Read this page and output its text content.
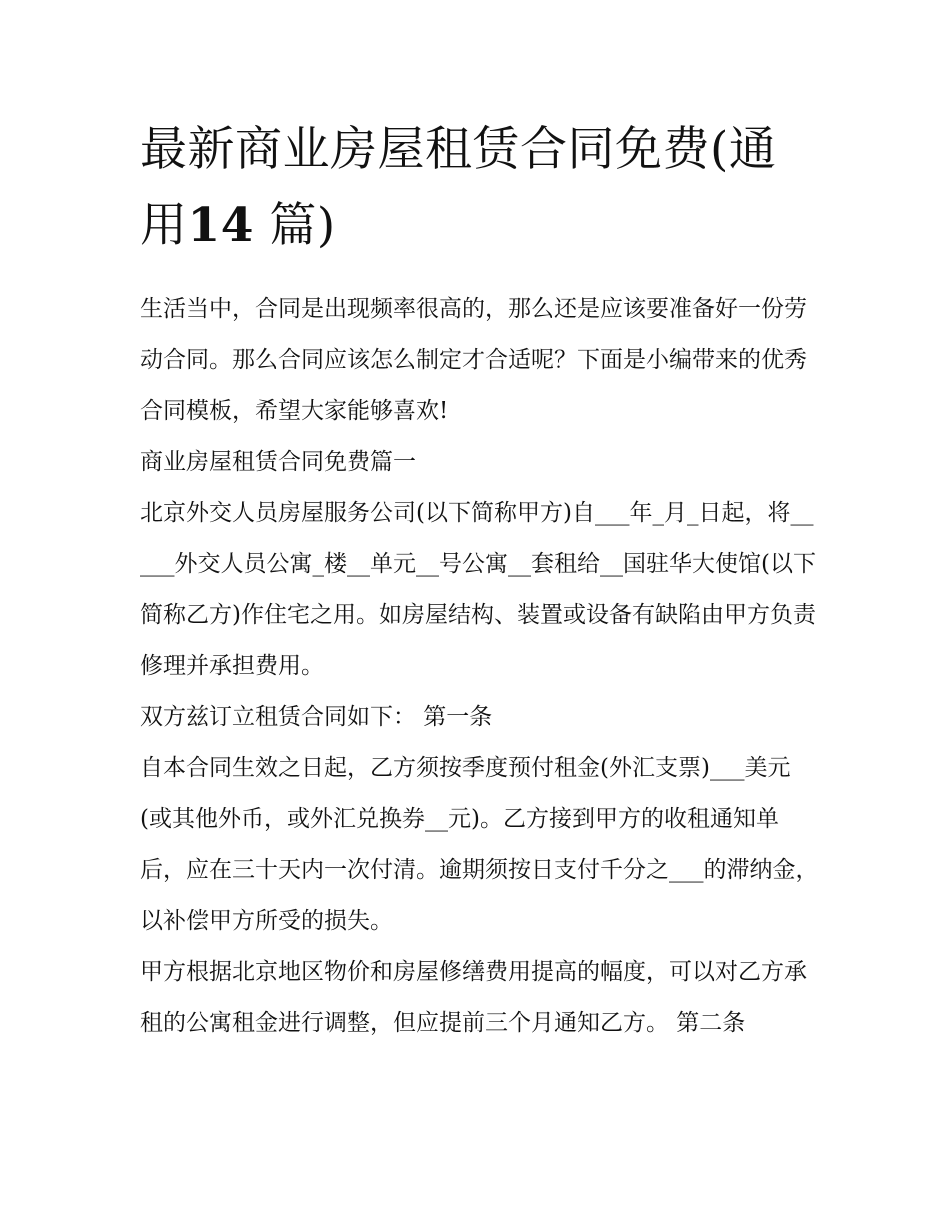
最新商业房屋租赁合同免费(通用14 篇)

生活当中，合同是出现频率很高的，那么还是应该要准备好一份劳动合同。那么合同应该怎么制定才合适呢？下面是小编带来的优秀合同模板，希望大家能够喜欢!

商业房屋租赁合同免费篇一

北京外交人员房屋服务公司(以下简称甲方)自___年_月_日起，将_____外交人员公寓_楼__单元__号公寓__套租给__国驻华大使馆(以下简称乙方)作住宅之用。如房屋结构、装置或设备有缺陷由甲方负责修理并承担费用。

双方兹订立租赁合同如下： 第一条

自本合同生效之日起，乙方须按季度预付租金(外汇支票)___美元(或其他外币，或外汇兑换券__元)。乙方接到甲方的收租通知单后，应在三十天内一次付清。逾期须按日支付千分之___的滞纳金，以补偿甲方所受的损失。

甲方根据北京地区物价和房屋修缮费用提高的幅度，可以对乙方承租的公寓租金进行调整，但应提前三个月通知乙方。 第二条
